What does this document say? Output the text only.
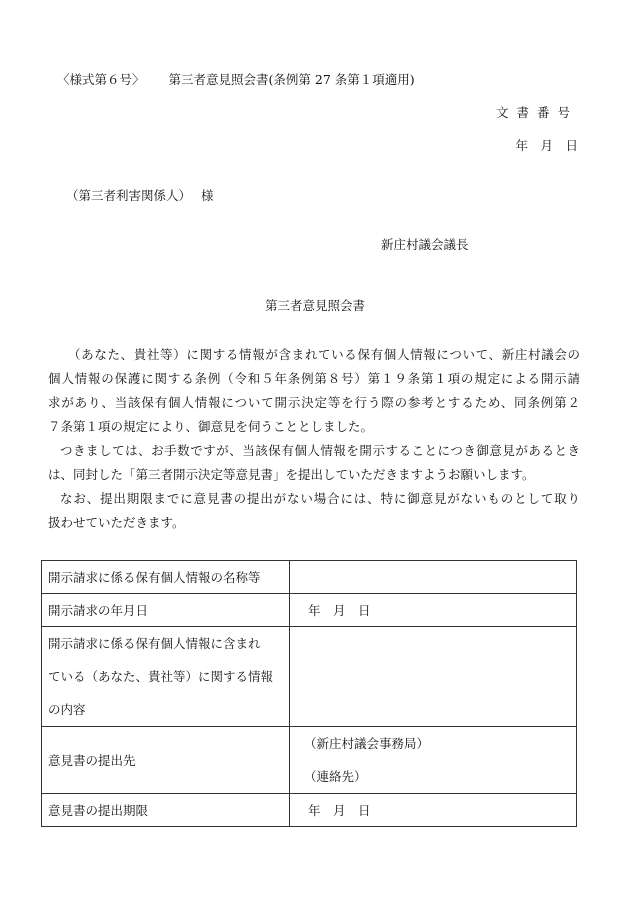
〈様式第６号〉 第三者意見照会書(条例第 27 条第１項適用)
文書番号
年　月　日
（第三者利害関係人） 様
新庄村議会議長
第三者意見照会書
（あなた、貴社等）に関する情報が含まれている保有個人情報について、新庄村議会の
個人情報の保護に関する条例（令和５年条例第８号）第１９条第１項の規定による開示請
求があり、当該保有個人情報について開示決定等を行う際の参考とするため、同条例第２
７条第１項の規定により、御意見を伺うこととしました。
つきましては、お手数ですが、当該保有個人情報を開示することにつき御意見があるとき
は、同封した「第三者開示決定等意見書」を提出していただきますようお願いします。
なお、提出期限までに意見書の提出がない場合には、特に御意見がないものとして取り
扱わせていただきます。
開示請求に係る保有個人情報の名称等	
開示請求の年月日	年　月　日

開示請求に係る保有個人情報に含まれ
ている（あなた、貴社等）に関する情報
の内容	

意見書の提出先	（新庄村議会事務局）
（連絡先）

意見書の提出期限	年　月　日
